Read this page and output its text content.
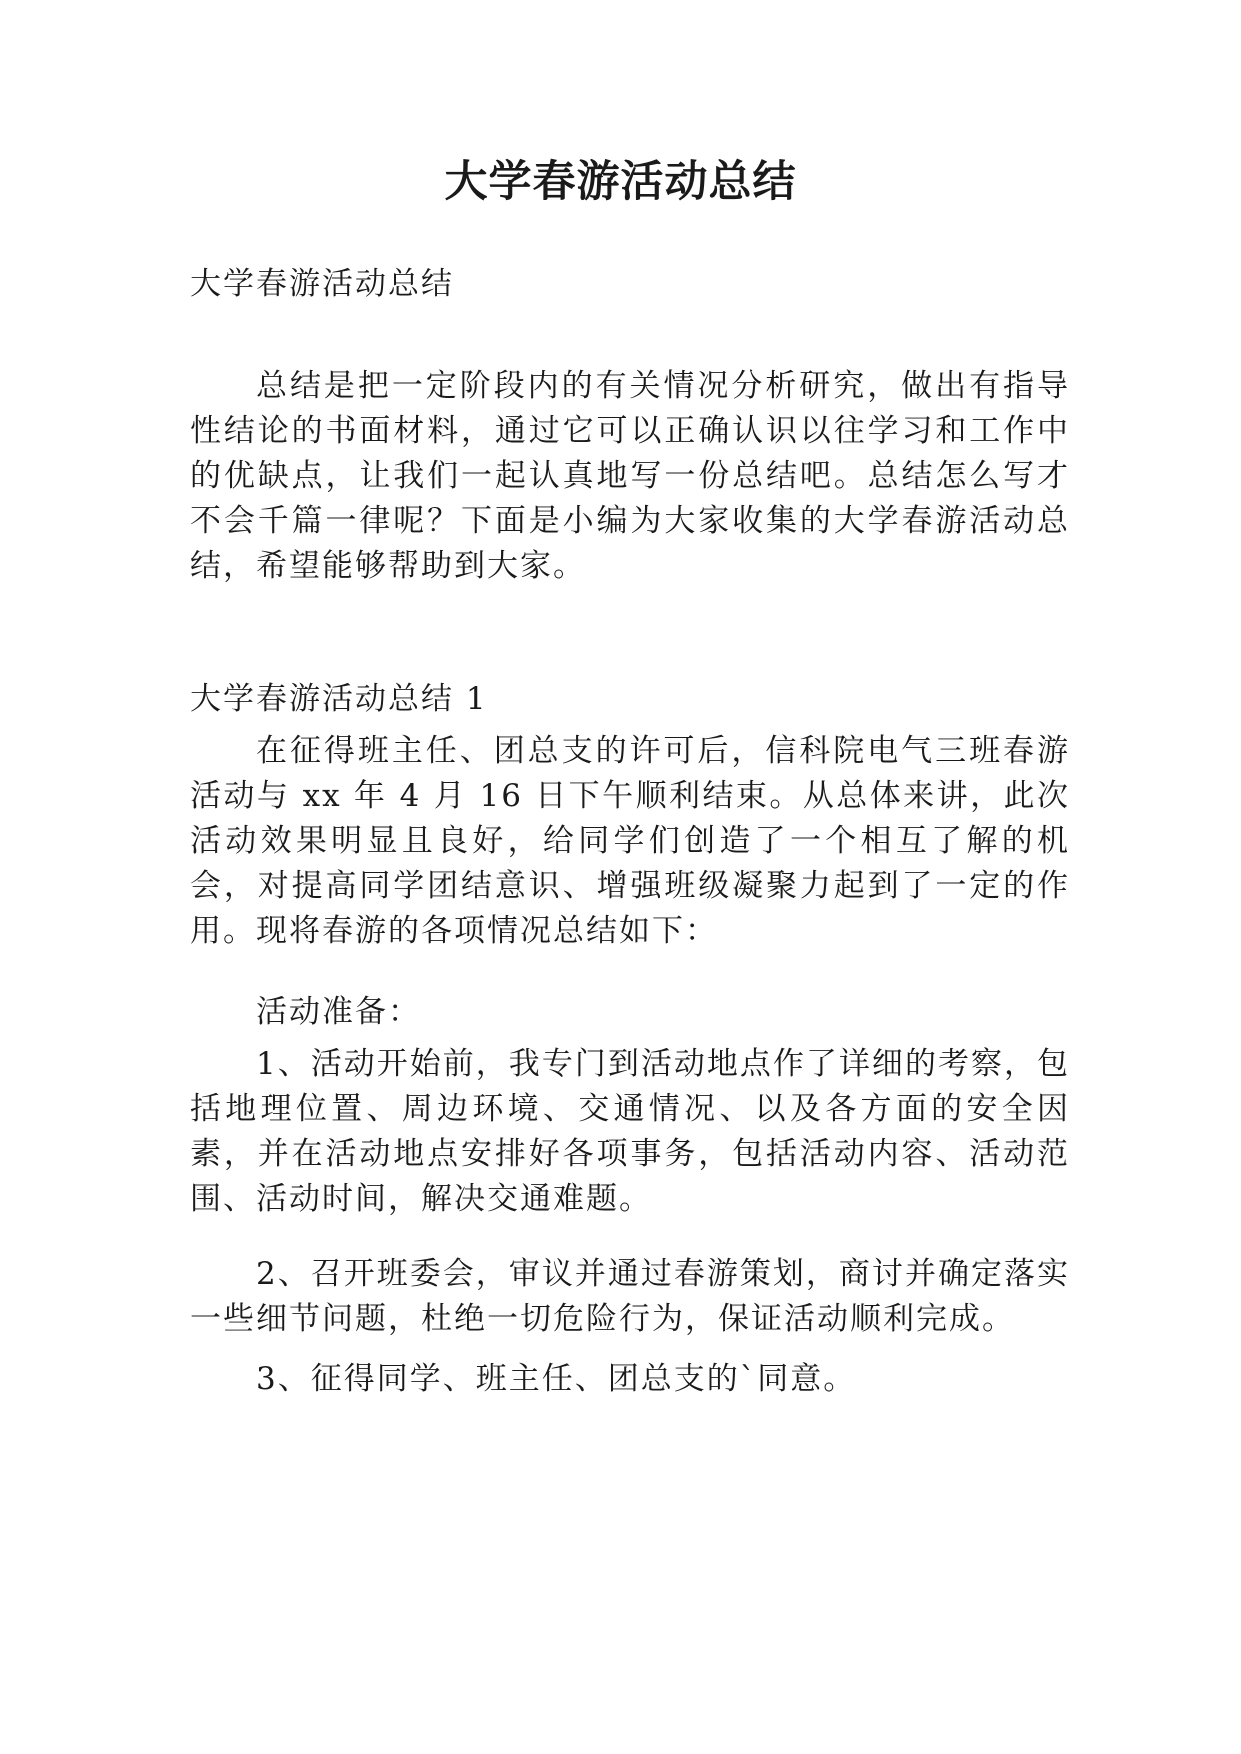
大学春游活动总结

大学春游活动总结

总结是把一定阶段内的有关情况分析研究，做出有指导性结论的书面材料，通过它可以正确认识以往学习和工作中的优缺点，让我们一起认真地写一份总结吧。总结怎么写才不会千篇一律呢？下面是小编为大家收集的大学春游活动总结，希望能够帮助到大家。

大学春游活动总结 1

在征得班主任、团总支的许可后，信科院电气三班春游活动与 xx 年 4 月 16 日下午顺利结束。从总体来讲，此次活动效果明显且良好，给同学们创造了一个相互了解的机会，对提高同学团结意识、增强班级凝聚力起到了一定的作用。现将春游的各项情况总结如下：

活动准备：

1、活动开始前，我专门到活动地点作了详细的考察，包括地理位置、周边环境、交通情况、以及各方面的安全因素，并在活动地点安排好各项事务，包括活动内容、活动范围、活动时间，解决交通难题。

2、召开班委会，审议并通过春游策划，商讨并确定落实一些细节问题，杜绝一切危险行为，保证活动顺利完成。

3、征得同学、班主任、团总支的`同意。
